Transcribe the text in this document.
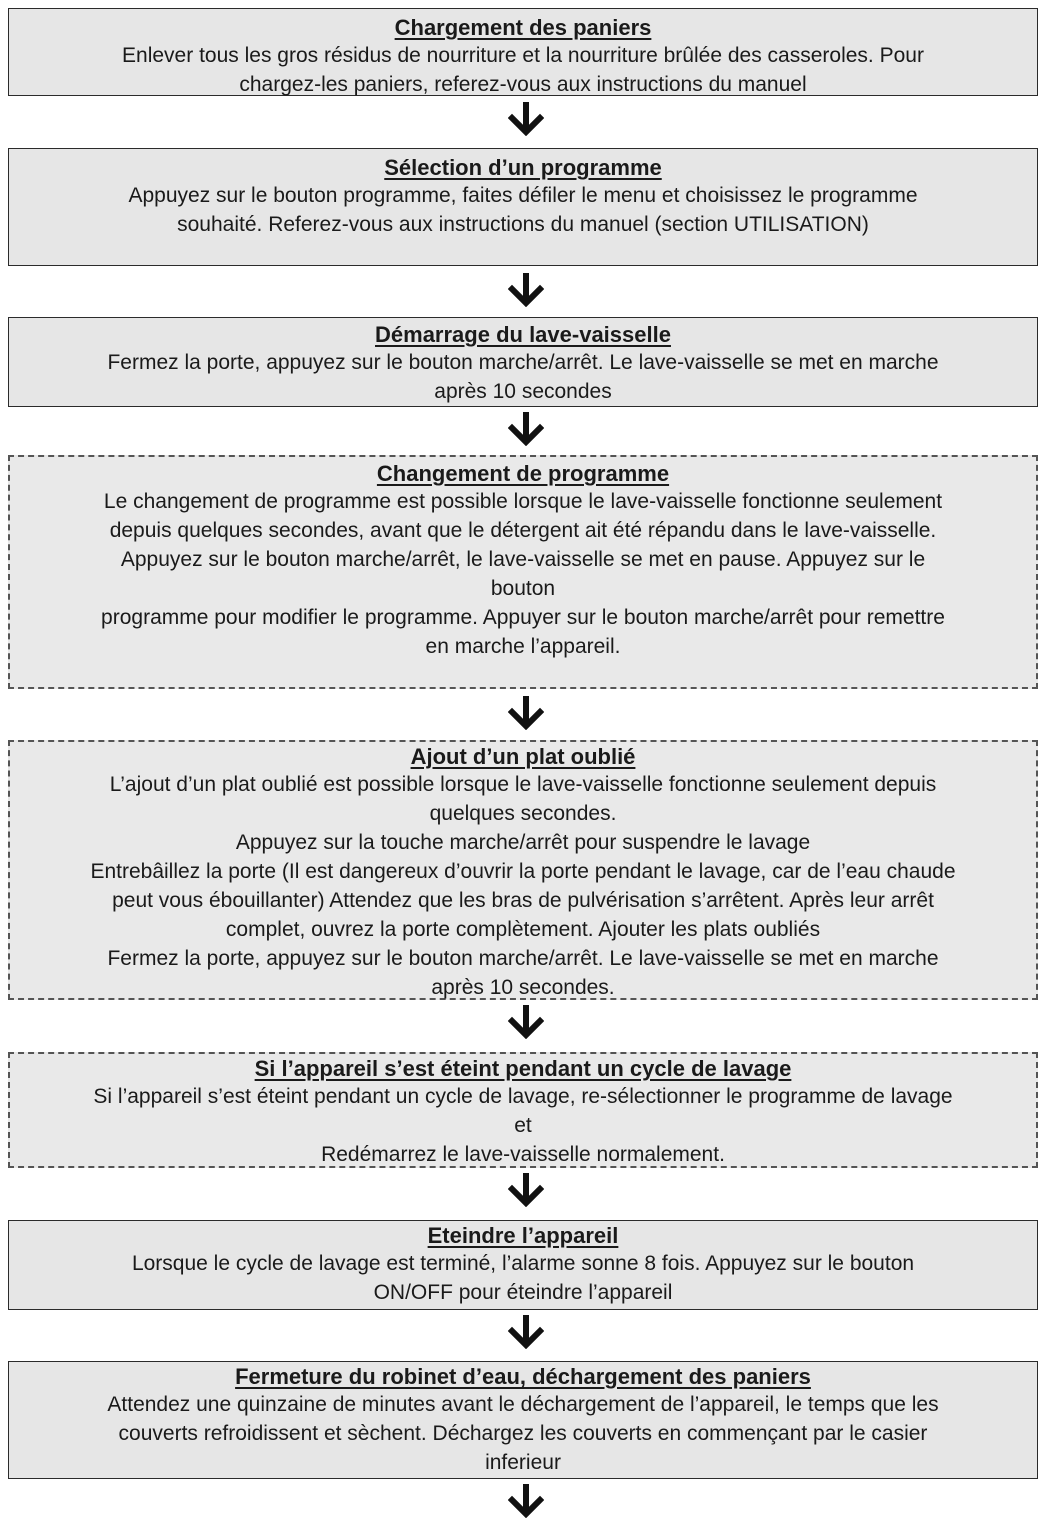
Chargement des paniers

Enlever tous les gros résidus de nourriture et la nourriture brûlée des casseroles. Pour

chargez-les paniers, referez-vous aux instructions du manuel

Sélection d’un programme

Appuyez sur le bouton programme, faites défiler le menu et choisissez le programme

souhaité. Referez-vous aux instructions du manuel (section UTILISATION)

Démarrage du lave-vaisselle

Fermez la porte, appuyez sur le bouton marche/arrêt. Le lave-vaisselle se met en marche

après 10 secondes

Changement de programme

Le changement de programme est possible lorsque le lave-vaisselle fonctionne seulement

depuis quelques secondes, avant que le détergent ait été répandu dans le lave-vaisselle.

Appuyez sur le bouton marche/arrêt, le lave-vaisselle se met en pause. Appuyez sur le

bouton

programme pour modifier le programme. Appuyer sur le bouton marche/arrêt pour remettre

en marche l’appareil.

Ajout d’un plat oublié

L’ajout d’un plat oublié est possible lorsque le lave-vaisselle fonctionne seulement depuis

quelques secondes.

Appuyez sur la touche marche/arrêt pour suspendre le lavage

Entrebâillez la porte (Il est dangereux d’ouvrir la porte pendant le lavage, car de l’eau chaude

peut vous ébouillanter) Attendez que les bras de pulvérisation s’arrêtent. Après leur arrêt

complet, ouvrez la porte complètement. Ajouter les plats oubliés

Fermez la porte, appuyez sur le bouton marche/arrêt. Le lave-vaisselle se met en marche

après 10 secondes.

Si l’appareil s’est éteint pendant un cycle de lavage

Si l’appareil s’est éteint pendant un cycle de lavage, re-sélectionner le programme de lavage

et

Redémarrez le lave-vaisselle normalement.

Eteindre l’appareil

Lorsque le cycle de lavage est terminé, l’alarme sonne 8 fois. Appuyez sur le bouton

ON/OFF pour éteindre l’appareil

Fermeture du robinet d’eau, déchargement des paniers

Attendez une quinzaine de minutes avant le déchargement de l’appareil, le temps que les

couverts refroidissent et sèchent. Déchargez les couverts en commençant par le casier

inferieur
